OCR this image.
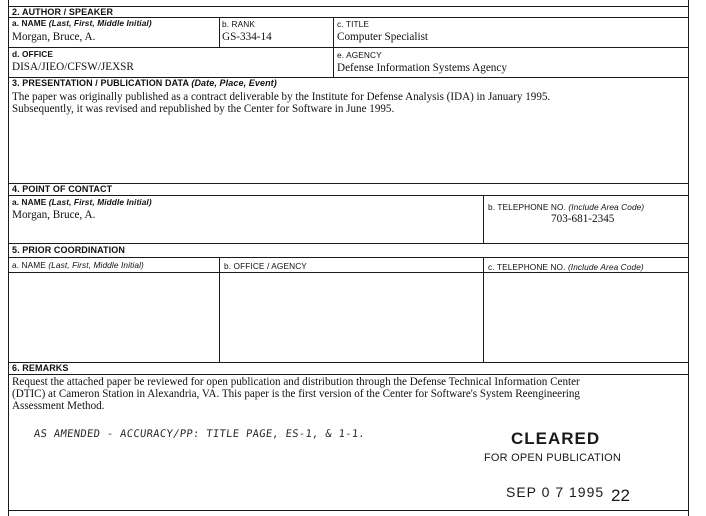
2. AUTHOR / SPEAKER
a. NAME (Last, First, Middle Initial)
Morgan, Bruce, A.
b. RANK
GS-334-14
c. TITLE
Computer Specialist
d. OFFICE
DISA/JIEO/CFSW/JEXSR
e. AGENCY
Defense Information Systems Agency
3. PRESENTATION / PUBLICATION DATA (Date, Place, Event)
The paper was originally published as a contract deliverable by the Institute for Defense Analysis (IDA) in January 1995.
Subsequently, it was revised and republished by the Center for Software in June 1995.
4. POINT OF CONTACT
a. NAME (Last, First, Middle Initial)
Morgan, Bruce, A.
b. TELEPHONE NO. (Include Area Code)
703-681-2345
5. PRIOR COORDINATION
a. NAME (Last, First, Middle Initial)	b. OFFICE / AGENCY	c. TELEPHONE NO. (Include Area Code)
6. REMARKS
Request the attached paper be reviewed for open publication and distribution through the Defense Technical Information Center
(DTIC) at Cameron Station in Alexandria, VA. This paper is the first version of the Center for Software's System Reengineering
Assessment Method.
AS AMENDED - ACCURACY/PP: TITLE PAGE, ES-1, & 1-1.	CLEARED
FOR OPEN PUBLICATION
SEP 0 7 1995 22
